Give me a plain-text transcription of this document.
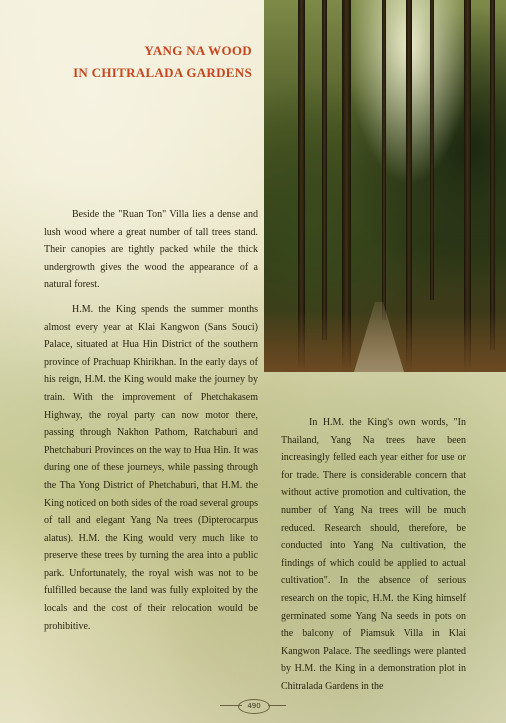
YANG NA WOOD
IN CHITRALADA GARDENS

Beside the "Ruan Ton" Villa lies a dense and lush wood where a great number of tall trees stand. Their canopies are tightly packed while the thick undergrowth gives the wood the appearance of a natural forest.

H.M. the King spends the summer months almost every year at Klai Kangwon (Sans Souci) Palace, situated at Hua Hin District of the southern province of Prachuap Khirikhan. In the early days of his reign, H.M. the King would make the journey by train. With the improvement of Phetchakasem Highway, the royal party can now motor there, passing through Nakhon Pathom, Ratchaburi and Phetchaburi Provinces on the way to Hua Hin. It was during one of these journeys, while passing through the Tha Yong District of Phetchaburi, that H.M. the King noticed on both sides of the road several groups of tall and elegant Yang Na trees (Dipterocarpus alatus). H.M. the King would very much like to preserve these trees by turning the area into a public park. Unfortunately, the royal wish was not to be fulfilled because the land was fully exploited by the locals and the cost of their relocation would be prohibitive.

In H.M. the King's own words, "In Thailand, Yang Na trees have been increasingly felled each year either for use or for trade. There is considerable concern that without active promotion and cultivation, the number of Yang Na trees will be much reduced. Research should, therefore, be conducted into Yang Na cultivation, the findings of which could be applied to actual cultivation". In the absence of serious research on the topic, H.M. the King himself germinated some Yang Na seeds in pots on the balcony of Piamsuk Villa in Klai Kangwon Palace. The seedlings were planted by H.M. the King in a demonstration plot in Chitralada Gardens in the

490
